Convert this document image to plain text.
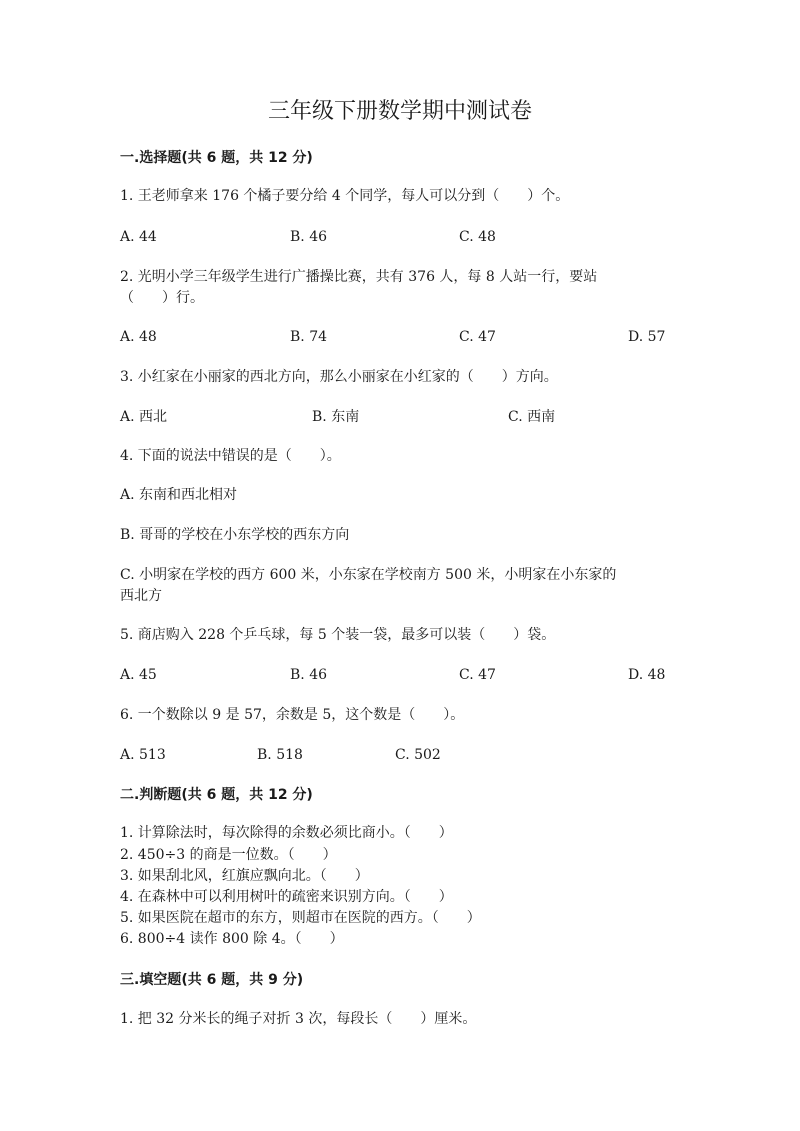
三年级下册数学期中测试卷
一.选择题(共 6 题，共 12 分)
1. 王老师拿来 176 个橘子要分给 4 个同学，每人可以分到（　　）个。
A. 44	B. 46	C. 48
2. 光明小学三年级学生进行广播操比赛，共有 376 人，每 8 人站一行，要站
（　　）行。
A. 48	B. 74	C. 47	D. 57
3. 小红家在小丽家的西北方向，那么小丽家在小红家的（　　）方向。
A. 西北	B. 东南	C. 西南
4. 下面的说法中错误的是（　　）。
A. 东南和西北相对
B. 哥哥的学校在小东学校的西东方向
C. 小明家在学校的西方 600 米，小东家在学校南方 500 米，小明家在小东家的
西北方
5. 商店购入 228 个乒乓球，每 5 个装一袋，最多可以装（　　）袋。
A. 45	B. 46	C. 47	D. 48
6. 一个数除以 9 是 57，余数是 5，这个数是（　　）。
A. 513	B. 518	C. 502
二.判断题(共 6 题，共 12 分)
1. 计算除法时，每次除得的余数必须比商小。（　　）
2. 450÷3 的商是一位数。（　　）
3. 如果刮北风，红旗应飘向北。（　　）
4. 在森林中可以利用树叶的疏密来识别方向。（　　）
5. 如果医院在超市的东方，则超市在医院的西方。（　　）
6. 800÷4 读作 800 除 4。（　　）
三.填空题(共 6 题，共 9 分)
1. 把 32 分米长的绳子对折 3 次，每段长（　　）厘米。
